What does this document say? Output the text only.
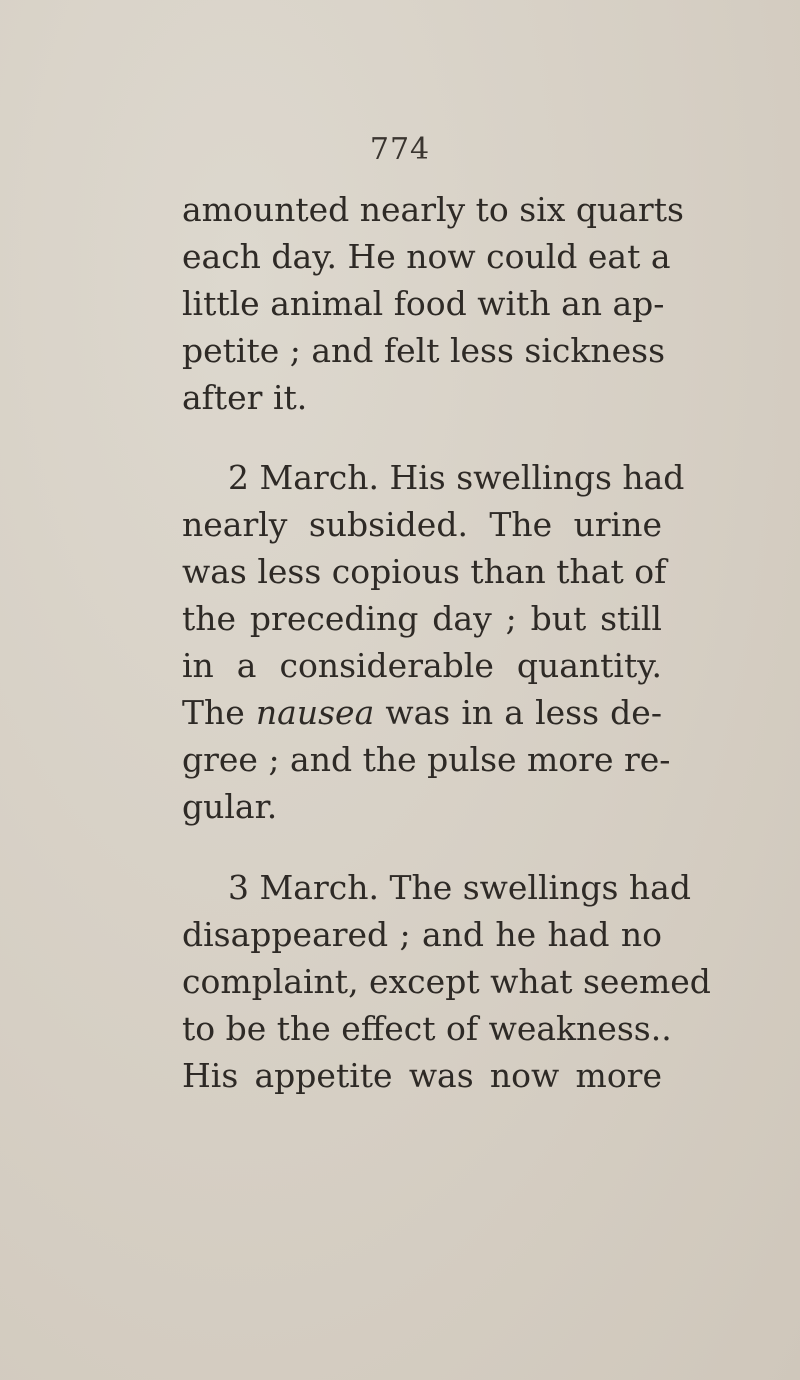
774
amounted nearly to six quarts
each day. He now could eat a
little animal food with an ap-
petite ; and felt less sickness
after it.
2 March. His swellings had
nearly subsided. The urine
was less copious than that of
the preceding day ; but still
in a considerable quantity.
The nausea was in a less de-
gree ; and the pulse more re-
gular.
3 March. The swellings had
disappeared ; and he had no
complaint, except what seemed
to be the effect of weakness..
His appetite was now more
